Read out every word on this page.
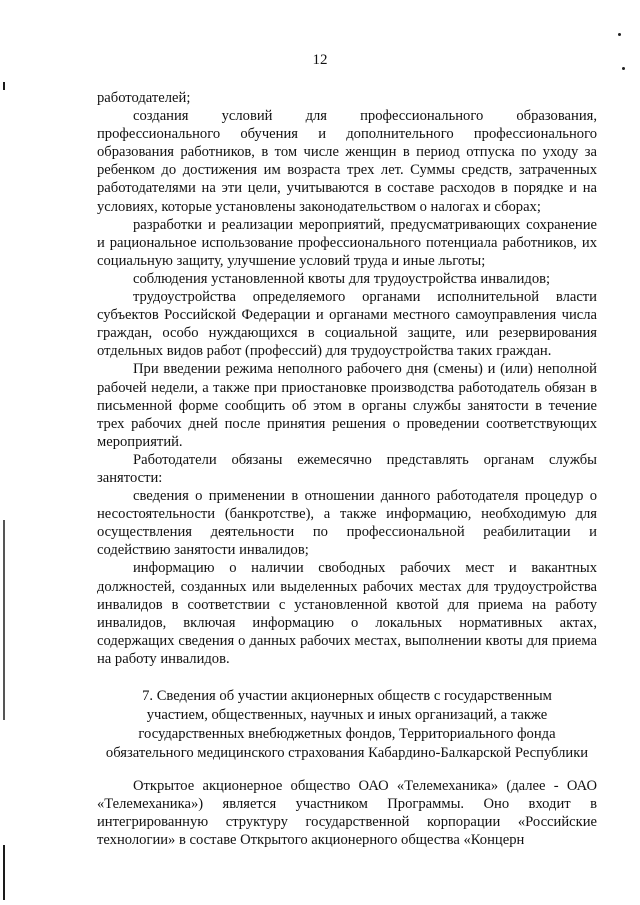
12

работодателей;

создания условий для профессионального образования, профессионального обучения и дополнительного профессионального образования работников, в том числе женщин в период отпуска по уходу за ребенком до достижения им возраста трех лет. Суммы средств, затраченных работодателями на эти цели, учитываются в составе расходов в порядке и на условиях, которые установлены законодательством о налогах и сборах;

разработки и реализации мероприятий, предусматривающих сохранение и рациональное использование профессионального потенциала работников, их социальную защиту, улучшение условий труда и иные льготы;

соблюдения установленной квоты для трудоустройства инвалидов;

трудоустройства определяемого органами исполнительной власти субъектов Российской Федерации и органами местного самоуправления числа граждан, особо нуждающихся в социальной защите, или резервирования отдельных видов работ (профессий) для трудоустройства таких граждан.

При введении режима неполного рабочего дня (смены) и (или) неполной рабочей недели, а также при приостановке производства работодатель обязан в письменной форме сообщить об этом в органы службы занятости в течение трех рабочих дней после принятия решения о проведении соответствующих мероприятий.

Работодатели обязаны ежемесячно представлять органам службы занятости:

сведения о применении в отношении данного работодателя процедур о несостоятельности (банкротстве), а также информацию, необходимую для осуществления деятельности по профессиональной реабилитации и содействию занятости инвалидов;

информацию о наличии свободных рабочих мест и вакантных должностей, созданных или выделенных рабочих местах для трудоустройства инвалидов в соответствии с установленной квотой для приема на работу инвалидов, включая информацию о локальных нормативных актах, содержащих сведения о данных рабочих местах, выполнении квоты для приема на работу инвалидов.

7. Сведения об участии акционерных обществ с государственным
участием, общественных, научных и иных организаций, а также
государственных внебюджетных фондов, Территориального фонда
обязательного медицинского страхования Кабардино-Балкарской Республики

Открытое акционерное общество ОАО «Телемеханика» (далее - ОАО «Телемеханика») является участником Программы. Оно входит в интегрированную структуру государственной корпорации «Российские технологии» в составе Открытого акционерного общества «Концерн
